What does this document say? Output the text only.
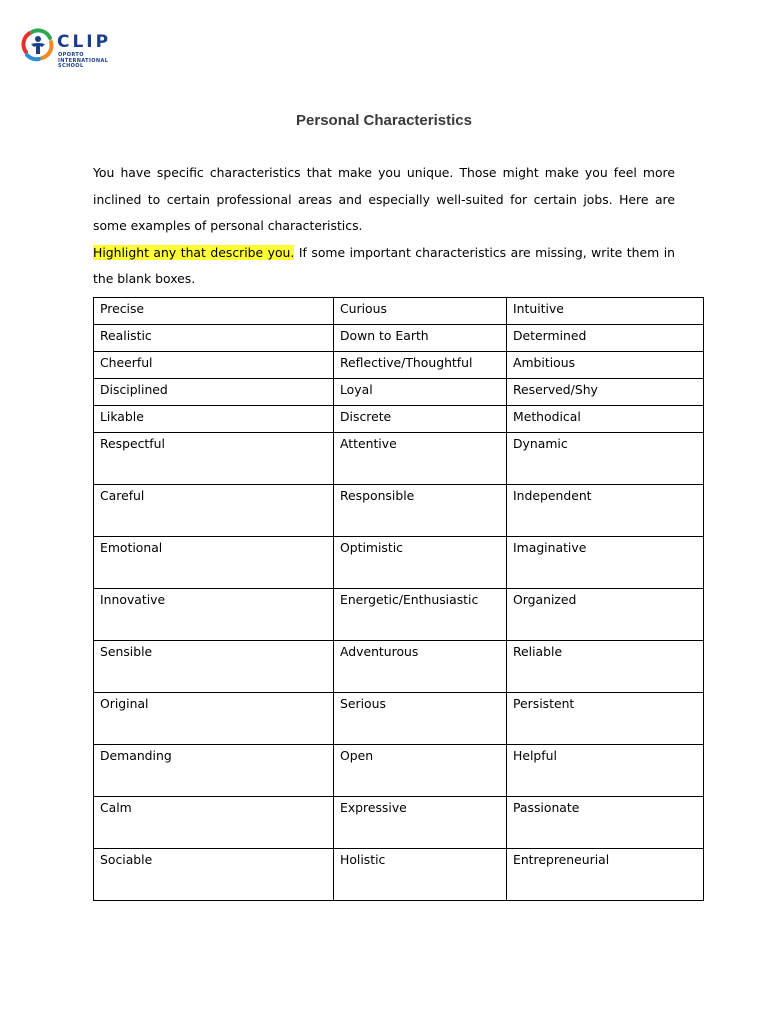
CLIP
OPORTO
INTERNATIONAL
SCHOOL
Personal Characteristics

You have specific characteristics that make you unique. Those might make you feel more inclined to certain professional areas and especially well-suited for certain jobs. Here are some examples of personal characteristics.

Highlight any that describe you. If some important characteristics are missing, write them in the blank boxes.

Precise	Curious	Intuitive
Realistic	Down to Earth	Determined
Cheerful	Reflective/Thoughtful	Ambitious
Disciplined	Loyal	Reserved/Shy
Likable	Discrete	Methodical
Respectful	Attentive	Dynamic
Careful	Responsible	Independent
Emotional	Optimistic	Imaginative
Innovative	Energetic/Enthusiastic	Organized
Sensible	Adventurous	Reliable
Original	Serious	Persistent
Demanding	Open	Helpful
Calm	Expressive	Passionate
Sociable	Holistic	Entrepreneurial
